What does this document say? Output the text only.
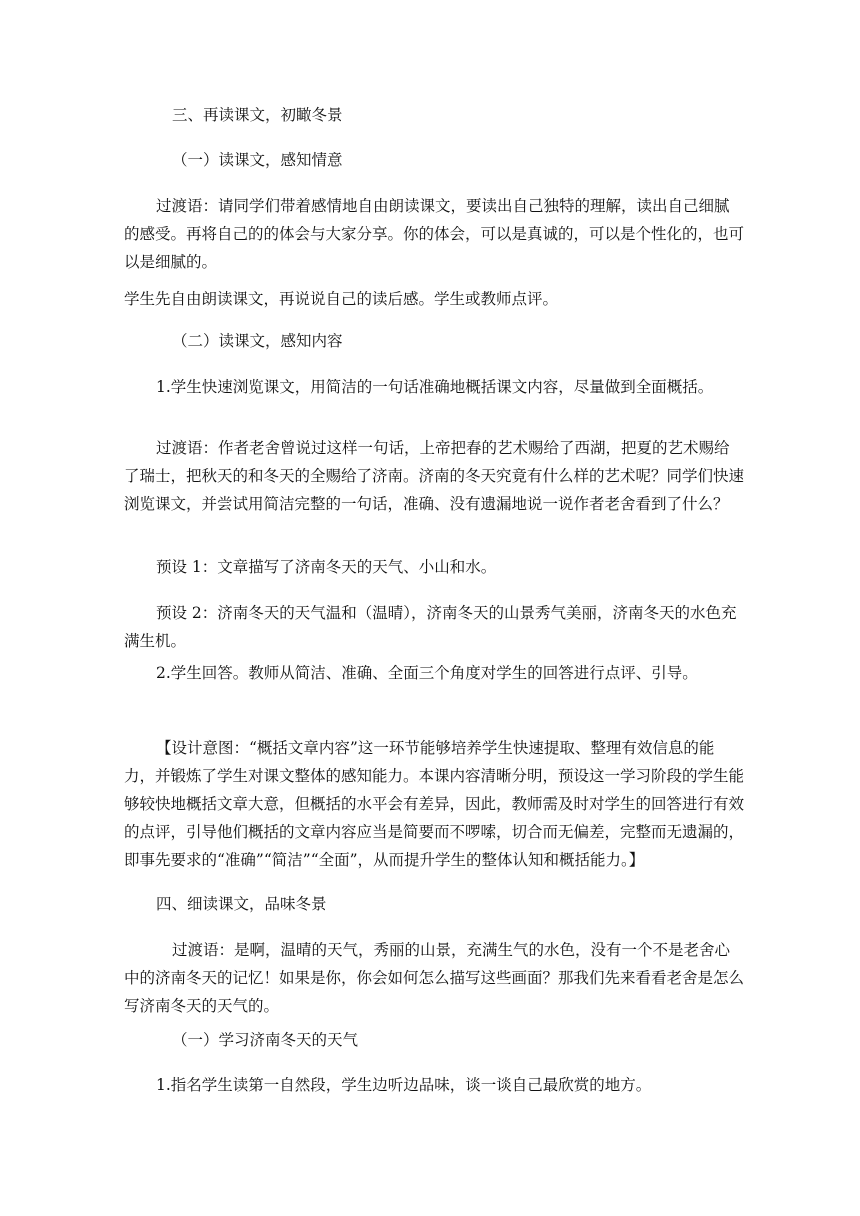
三、再读课文，初瞰冬景

（一）读课文，感知情意

过渡语：请同学们带着感情地自由朗读课文，要读出自己独特的理解，读出自己细腻的感受。再将自己的的体会与大家分享。你的体会，可以是真诚的，可以是个性化的，也可以是细腻的。

学生先自由朗读课文，再说说自己的读后感。学生或教师点评。

（二）读课文，感知内容

1.学生快速浏览课文，用简洁的一句话准确地概括课文内容，尽量做到全面概括。

过渡语：作者老舍曾说过这样一句话，上帝把春的艺术赐给了西湖，把夏的艺术赐给了瑞士，把秋天的和冬天的全赐给了济南。济南的冬天究竟有什么样的艺术呢？同学们快速浏览课文，并尝试用简洁完整的一句话，准确、没有遗漏地说一说作者老舍看到了什么？

预设 1：文章描写了济南冬天的天气、小山和水。

预设 2：济南冬天的天气温和（温晴），济南冬天的山景秀气美丽，济南冬天的水色充满生机。

2.学生回答。教师从简洁、准确、全面三个角度对学生的回答进行点评、引导。

【设计意图：“概括文章内容”这一环节能够培养学生快速提取、整理有效信息的能力，并锻炼了学生对课文整体的感知能力。本课内容清晰分明，预设这一学习阶段的学生能够较快地概括文章大意，但概括的水平会有差异，因此，教师需及时对学生的回答进行有效的点评，引导他们概括的文章内容应当是简要而不啰嗦，切合而无偏差，完整而无遗漏的，即事先要求的“准确”“简洁”“全面”，从而提升学生的整体认知和概括能力。】

四、细读课文，品味冬景

过渡语：是啊，温晴的天气，秀丽的山景，充满生气的水色，没有一个不是老舍心中的济南冬天的记忆！如果是你，你会如何怎么描写这些画面？那我们先来看看老舍是怎么写济南冬天的天气的。

（一）学习济南冬天的天气

1.指名学生读第一自然段，学生边听边品味，谈一谈自己最欣赏的地方。
